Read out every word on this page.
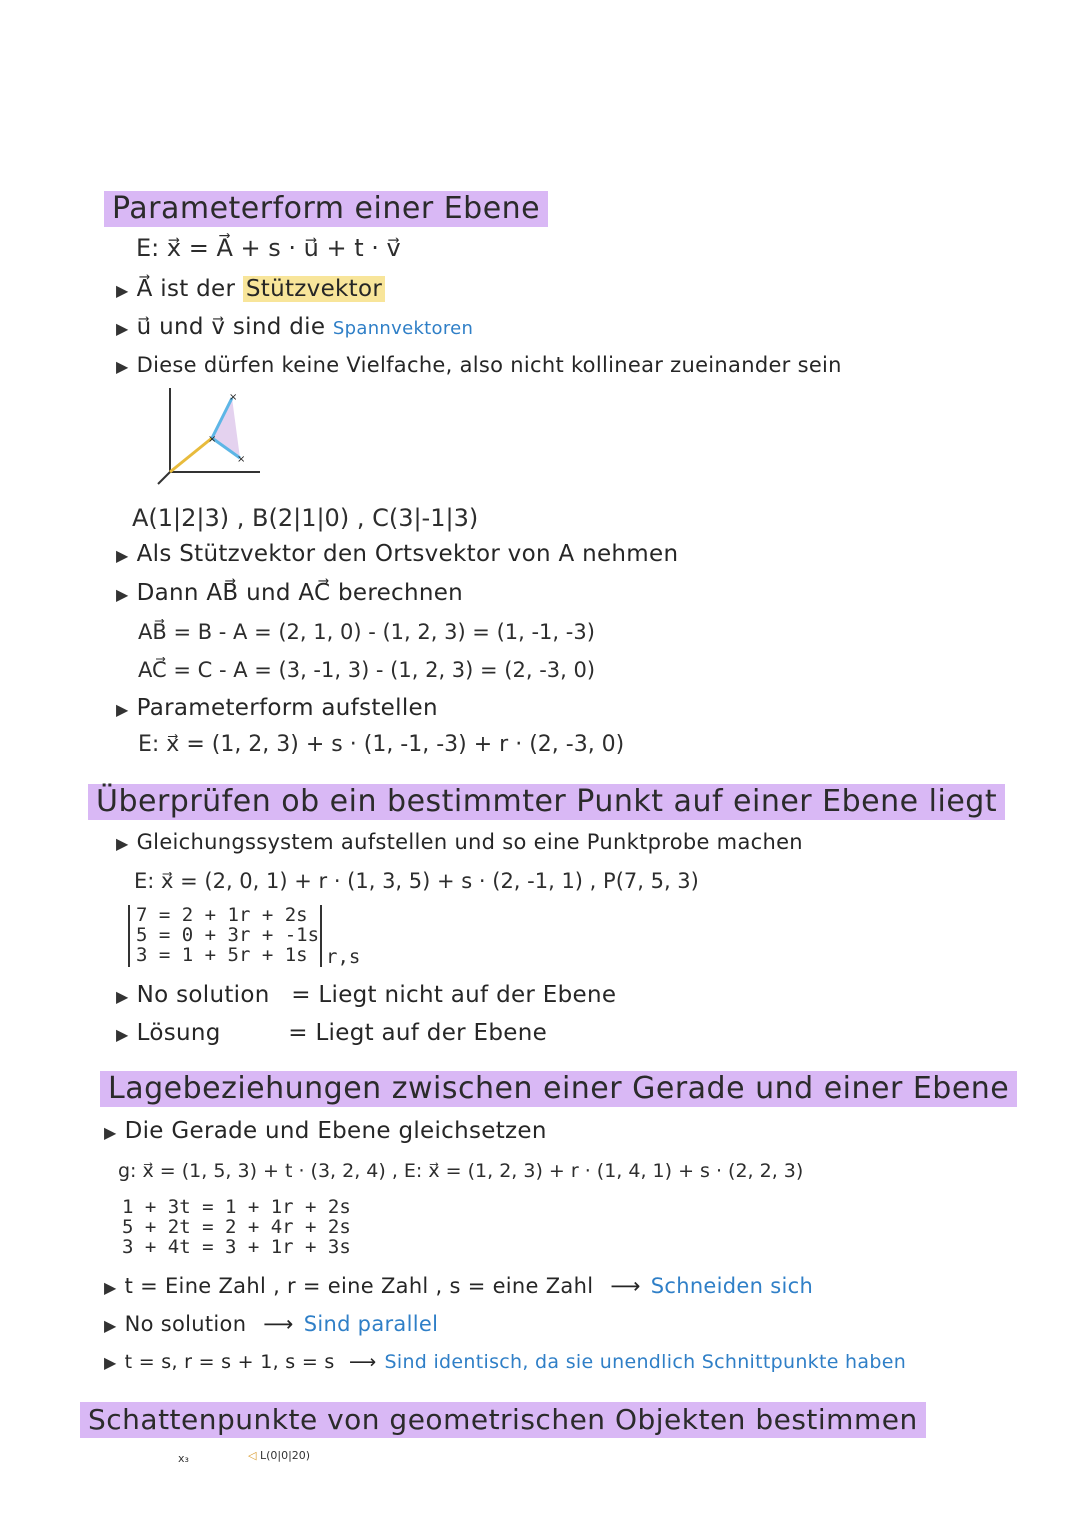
Parameterform einer Ebene
E: x⃗ = A⃗ + s · u⃗ + t · v⃗
▶ A⃗ ist der Stützvektor
▶ u⃗ und v⃗ sind die Spannvektoren
▶ Diese dürfen keine Vielfache, also nicht kollinear zueinander sein
×
×
×
A(1|2|3) , B(2|1|0) , C(3|-1|3)
▶ Als Stützvektor den Ortsvektor von A nehmen
▶ Dann AB⃗ und AC⃗ berechnen
AB⃗ = B - A = (2, 1, 0) - (1, 2, 3) = (1, -1, -3)
AC⃗ = C - A = (3, -1, 3) - (1, 2, 3) = (2, -3, 0)
▶ Parameterform aufstellen
E: x⃗ = (1, 2, 3) + s · (1, -1, -3) + r · (2, -3, 0)
Überprüfen ob ein bestimmter Punkt auf einer Ebene liegt
▶ Gleichungssystem aufstellen und so eine Punktprobe machen
E: x⃗ = (2, 0, 1) + r · (1, 3, 5) + s · (2, -1, 1) , P(7, 5, 3)
7 = 2 + 1r + 2s
5 = 0 + 3r + -1s
3 = 1 + 5r + 1s r,s
▶ No solution = Liegt nicht auf der Ebene
▶ Lösung	= Liegt auf der Ebene
Lagebeziehungen zwischen einer Gerade und einer Ebene
▶ Die Gerade und Ebene gleichsetzen
g: x⃗ = (1, 5, 3) + t · (3, 2, 4) , E: x⃗ = (1, 2, 3) + r · (1, 4, 1) + s · (2, 2, 3)
1 + 3t = 1 + 1r + 2s
5 + 2t = 2 + 4r + 2s
3 + 4t = 3 + 1r + 3s
▶ t = Eine Zahl , r = eine Zahl , s = eine Zahl ⟶ Schneiden sich
▶ No solution ⟶ Sind parallel
▶ t = s, r = s + 1, s = s ⟶ Sind identisch, da sie unendlich Schnittpunkte haben
Schattenpunkte von geometrischen Objekten bestimmen
x₃	◁ L(0|0|20)
